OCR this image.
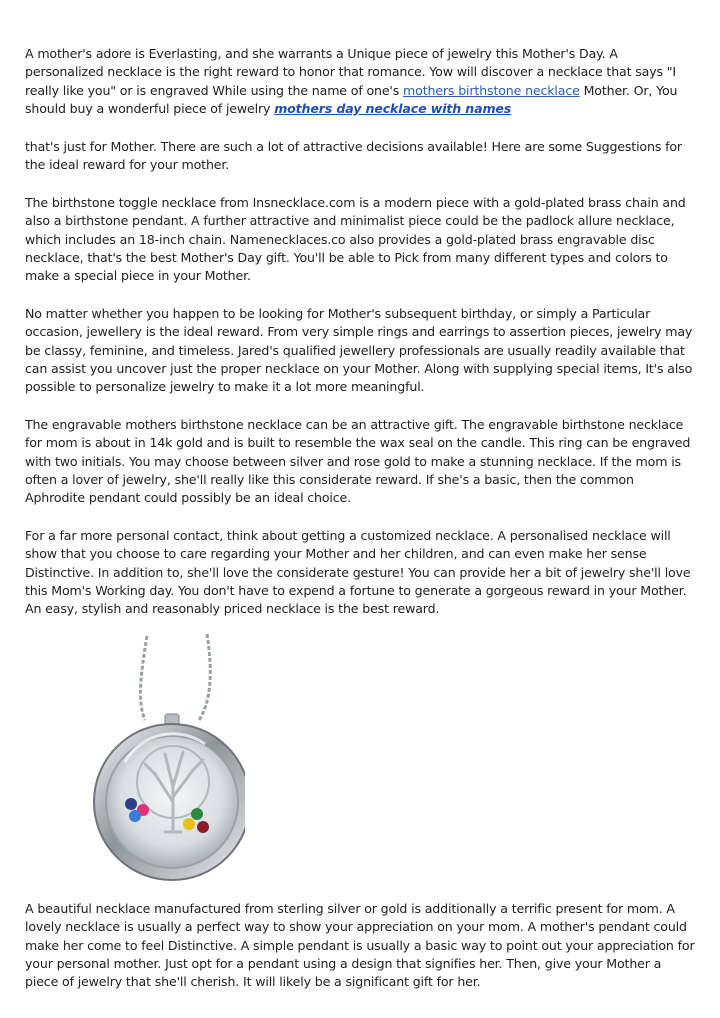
A mother's adore is Everlasting, and she warrants a Unique piece of jewelry this Mother's Day. A personalized necklace is the right reward to honor that romance. Yow will discover a necklace that says "I really like you" or is engraved While using the name of one's mothers birthstone necklace Mother. Or, You should buy a wonderful piece of jewelry mothers day necklace with names

that's just for Mother. There are such a lot of attractive decisions available! Here are some Suggestions for the ideal reward for your mother.

The birthstone toggle necklace from Insnecklace.com is a modern piece with a gold-plated brass chain and also a birthstone pendant. A further attractive and minimalist piece could be the padlock allure necklace, which includes an 18-inch chain. Namenecklaces.co also provides a gold-plated brass engravable disc necklace, that's the best Mother's Day gift. You'll be able to Pick from many different types and colors to make a special piece in your Mother.

No matter whether you happen to be looking for Mother's subsequent birthday, or simply a Particular occasion, jewellery is the ideal reward. From very simple rings and earrings to assertion pieces, jewelry may be classy, feminine, and timeless. Jared's qualified jewellery professionals are usually readily available that can assist you uncover just the proper necklace on your Mother. Along with supplying special items, It's also possible to personalize jewelry to make it a lot more meaningful.

The engravable mothers birthstone necklace can be an attractive gift. The engravable birthstone necklace for mom is about in 14k gold and is built to resemble the wax seal on the candle. This ring can be engraved with two initials. You may choose between silver and rose gold to make a stunning necklace. If the mom is often a lover of jewelry, she'll really like this considerate reward. If she's a basic, then the common Aphrodite pendant could possibly be an ideal choice.

For a far more personal contact, think about getting a customized necklace. A personalised necklace will show that you choose to care regarding your Mother and her children, and can even make her sense Distinctive. In addition to, she'll love the considerate gesture! You can provide her a bit of jewelry she'll love this Mom's Working day. You don't have to expend a fortune to generate a gorgeous reward in your Mother. An easy, stylish and reasonably priced necklace is the best reward.

A beautiful necklace manufactured from sterling silver or gold is additionally a terrific present for mom. A lovely necklace is usually a perfect way to show your appreciation on your mom. A mother's pendant could make her come to feel Distinctive. A simple pendant is usually a basic way to point out your appreciation for your personal mother. Just opt for a pendant using a design that signifies her. Then, give your Mother a piece of jewelry that she'll cherish. It will likely be a significant gift for her.
